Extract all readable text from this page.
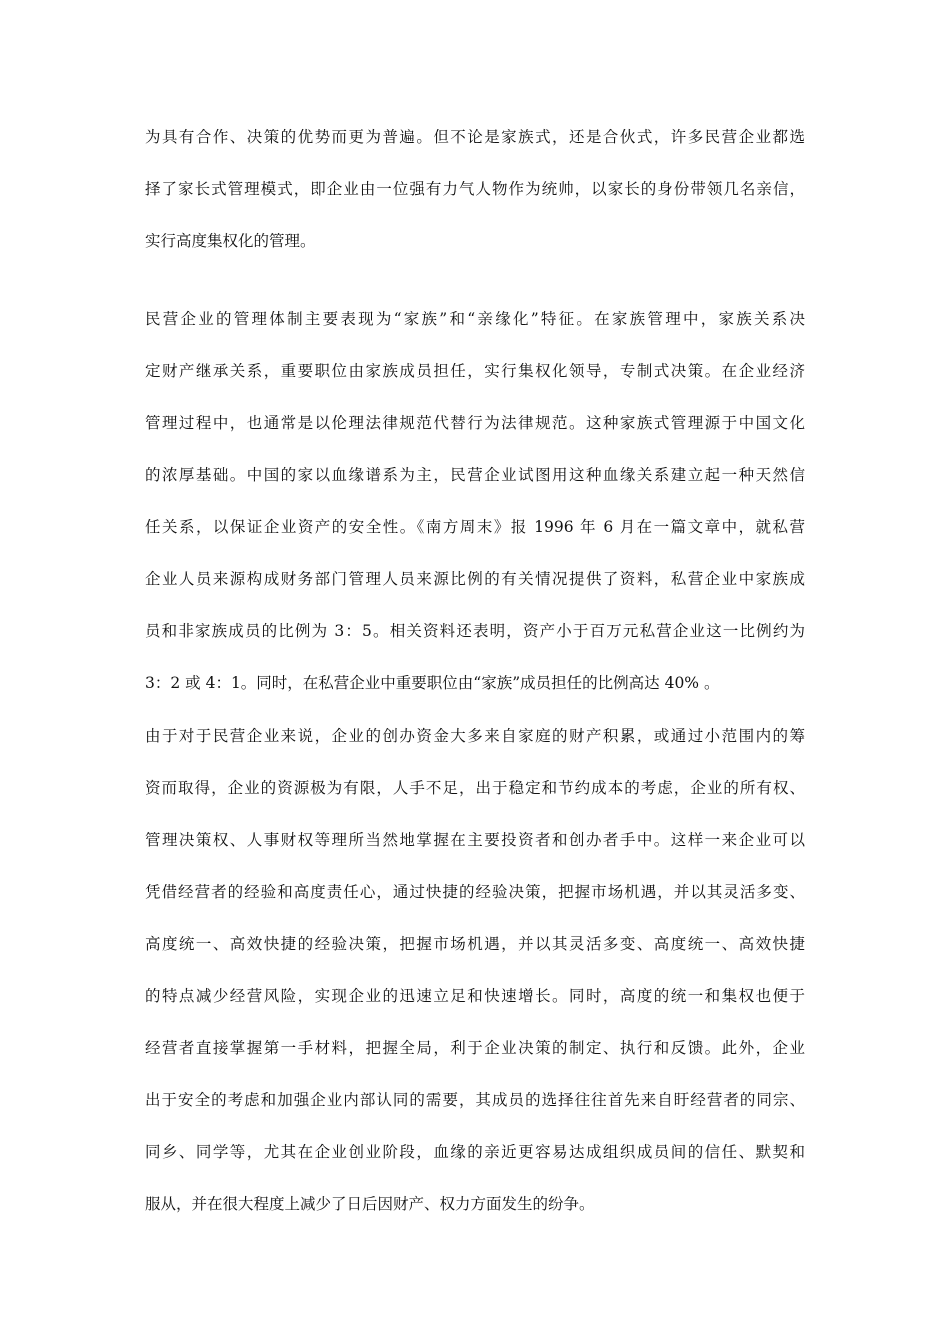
为具有合作、决策的优势而更为普遍。但不论是家族式，还是合伙式，许多民营企业都选
择了家长式管理模式，即企业由一位强有力气人物作为统帅，以家长的身份带领几名亲信，
实行高度集权化的管理。
民营企业的管理体制主要表现为“家族”和“亲缘化”特征。在家族管理中，家族关系决
定财产继承关系，重要职位由家族成员担任，实行集权化领导，专制式决策。在企业经济
管理过程中，也通常是以伦理法律规范代替行为法律规范。这种家族式管理源于中国文化
的浓厚基础。中国的家以血缘谱系为主，民营企业试图用这种血缘关系建立起一种天然信
任关系，以保证企业资产的安全性。《南方周末》报 1996 年 6 月在一篇文章中，就私营
企业人员来源构成财务部门管理人员来源比例的有关情况提供了资料，私营企业中家族成
员和非家族成员的比例为 3：5。相关资料还表明，资产小于百万元私营企业这一比例约为
3：2 或 4：1。同时，在私营企业中重要职位由“家族”成员担任的比例高达 40% 。
由于对于民营企业来说，企业的创办资金大多来自家庭的财产积累，或通过小范围内的筹
资而取得，企业的资源极为有限，人手不足，出于稳定和节约成本的考虑，企业的所有权、
管理决策权、人事财权等理所当然地掌握在主要投资者和创办者手中。这样一来企业可以
凭借经营者的经验和高度责任心，通过快捷的经验决策，把握市场机遇，并以其灵活多变、
高度统一、高效快捷的经验决策，把握市场机遇，并以其灵活多变、高度统一、高效快捷
的特点减少经营风险，实现企业的迅速立足和快速增长。同时，高度的统一和集权也便于
经营者直接掌握第一手材料，把握全局，利于企业决策的制定、执行和反馈。此外，企业
出于安全的考虑和加强企业内部认同的需要，其成员的选择往往首先来自盱经营者的同宗、
同乡、同学等，尤其在企业创业阶段，血缘的亲近更容易达成组织成员间的信任、默契和
服从，并在很大程度上减少了日后因财产、权力方面发生的纷争。
